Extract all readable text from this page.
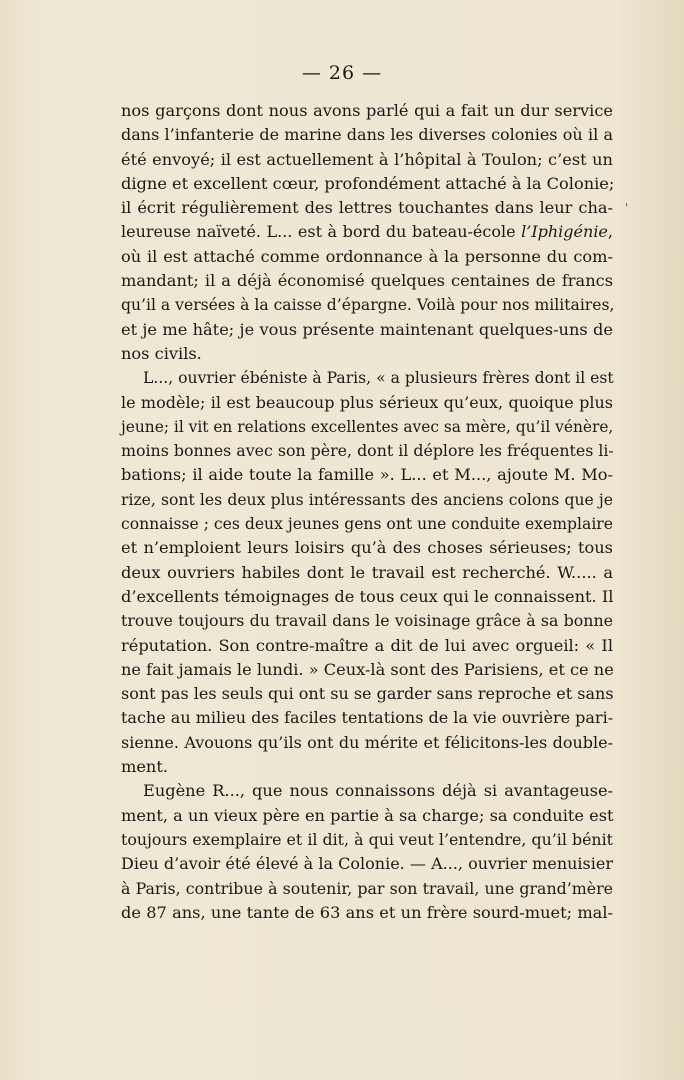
— 26 —
'
nos garçons dont nous avons parlé qui a fait un dur service
dans l’infanterie de marine dans les diverses colonies où il a
été envoyé; il est actuellement à l’hôpital à Toulon; c’est un
digne et excellent cœur, profondément attaché à la Colonie;
il écrit régulièrement des lettres touchantes dans leur cha-
leureuse naïveté. L... est à bord du bateau-école l’Iphigénie,
où il est attaché comme ordonnance à la personne du com-
mandant; il a déjà économisé quelques centaines de francs
qu’il a versées à la caisse d’épargne. Voilà pour nos militaires,
et je me hâte; je vous présente maintenant quelques-uns de
nos civils.
L..., ouvrier ébéniste à Paris, « a plusieurs frères dont il est
le modèle; il est beaucoup plus sérieux qu’eux, quoique plus
jeune; il vit en relations excellentes avec sa mère, qu’il vénère,
moins bonnes avec son père, dont il déplore les fréquentes li-
bations; il aide toute la famille ». L... et M..., ajoute M. Mo-
rize, sont les deux plus intéressants des anciens colons que je
connaisse ; ces deux jeunes gens ont une conduite exemplaire
et n’emploient leurs loisirs qu’à des choses sérieuses; tous
deux ouvriers habiles dont le travail est recherché. W..... a
d’excellents témoignages de tous ceux qui le connaissent. Il
trouve toujours du travail dans le voisinage grâce à sa bonne
réputation. Son contre-maître a dit de lui avec orgueil: « Il
ne fait jamais le lundi. » Ceux-là sont des Parisiens, et ce ne
sont pas les seuls qui ont su se garder sans reproche et sans
tache au milieu des faciles tentations de la vie ouvrière pari-
sienne. Avouons qu’ils ont du mérite et félicitons-les double-
ment.
Eugène R..., que nous connaissons déjà si avantageuse-
ment, a un vieux père en partie à sa charge; sa conduite est
toujours exemplaire et il dit, à qui veut l’entendre, qu’il bénit
Dieu d’avoir été élevé à la Colonie. — A..., ouvrier menuisier
à Paris, contribue à soutenir, par son travail, une grand’mère
de 87 ans, une tante de 63 ans et un frère sourd-muet; mal-
